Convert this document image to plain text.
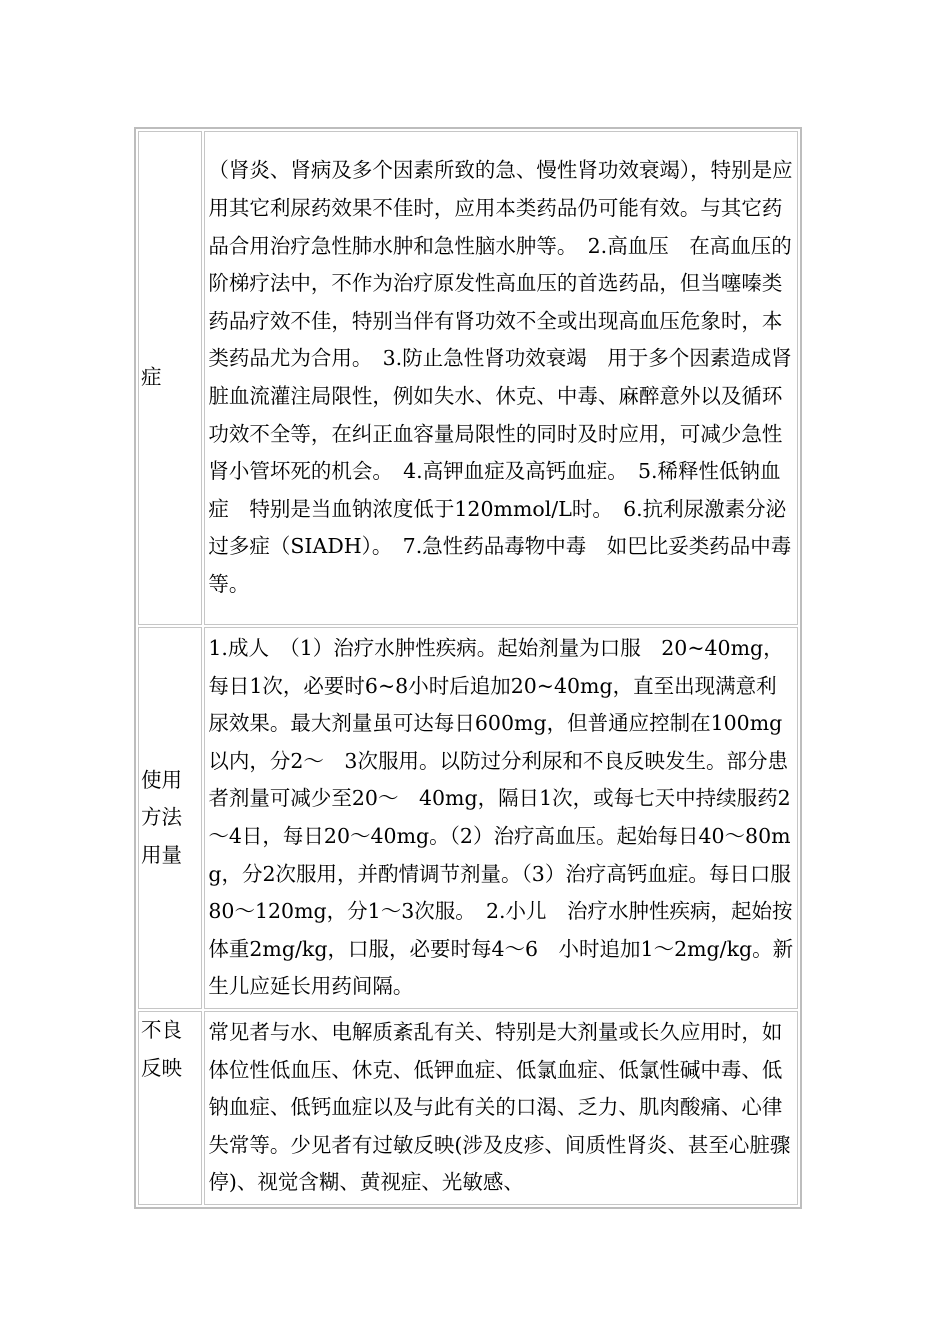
症	（肾炎、肾病及多个因素所致的急、慢性肾功效衰竭），特别是应用其它利尿药效果不佳时，应用本类药品仍可能有效。与其它药品合用治疗急性肺水肿和急性脑水肿等。　2.高血压　在高血压的阶梯疗法中，不作为治疗原发性高血压的首选药品，但当噻嗪类药品疗效不佳，特别当伴有肾功效不全或出现高血压危象时，本类药品尤为合用。　3.防止急性肾功效衰竭　用于多个因素造成肾脏血流灌注局限性，例如失水、休克、中毒、麻醉意外以及循环功效不全等，在纠正血容量局限性的同时及时应用，可减少急性肾小管坏死的机会。　4.高钾血症及高钙血症。　5.稀释性低钠血症　特别是当血钠浓度低于120mmol/L时。　6.抗利尿激素分泌过多症（SIADH）。　7.急性药品毒物中毒　如巴比妥类药品中毒等。
使用方法用量	1.成人　（1）治疗水肿性疾病。起始剂量为口服　20~40mg，每日1次，必要时6~8小时后追加20~40mg，直至出现满意利尿效果。最大剂量虽可达每日600mg，但普通应控制在100mg以内，分2～　3次服用。以防过分利尿和不良反映发生。部分患者剂量可减少至20～　40mg，隔日1次，或每七天中持续服药2～4日，每日20～40mg。（2）治疗高血压。起始每日40～80mg，分2次服用，并酌情调节剂量。（3）治疗高钙血症。每日口服80～120mg，分1～3次服。　2.小儿　治疗水肿性疾病，起始按体重2mg/kg，口服，必要时每4～6　小时追加1～2mg/kg。新生儿应延长用药间隔。
不良反映	常见者与水、电解质紊乱有关、特别是大剂量或长久应用时，如体位性低血压、休克、低钾血症、低氯血症、低氯性碱中毒、低钠血症、低钙血症以及与此有关的口渴、乏力、肌肉酸痛、心律失常等。少见者有过敏反映(涉及皮疹、间质性肾炎、甚至心脏骤停)、视觉含糊、黄视症、光敏感、
